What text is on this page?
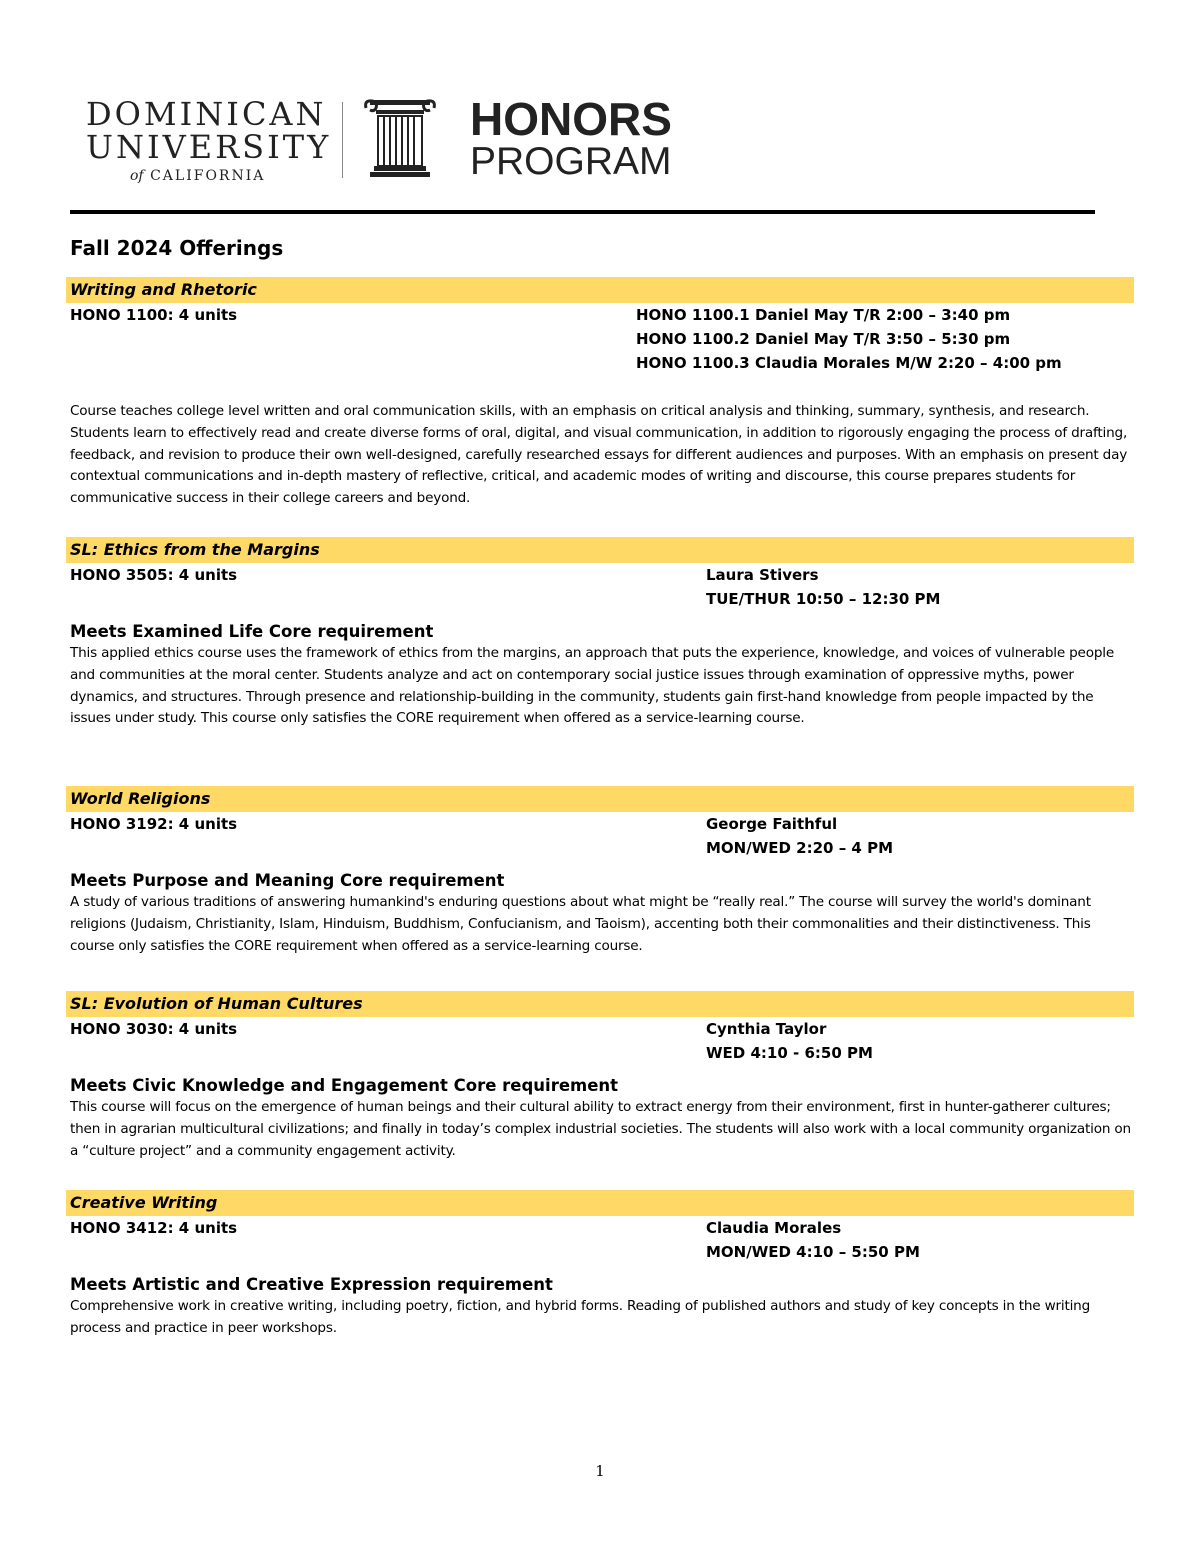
DOMINICAN
UNIVERSITY
of CALIFORNIA
HONORS
PROGRAM
Fall 2024 Offerings
Writing and Rhetoric
HONO 1100: 4 units	HONO 1100.1 Daniel May T/R 2:00 – 3:40 pm
HONO 1100.2 Daniel May T/R 3:50 – 5:30 pm
HONO 1100.3 Claudia Morales M/W 2:20 – 4:00 pm
Course teaches college level written and oral communication skills, with an emphasis on critical analysis and thinking, summary, synthesis, and research. Students learn to effectively read and create diverse forms of oral, digital, and visual communication, in addition to rigorously engaging the process of drafting, feedback, and revision to produce their own well-designed, carefully researched essays for different audiences and purposes. With an emphasis on present day contextual communications and in-depth mastery of reflective, critical, and academic modes of writing and discourse, this course prepares students for communicative success in their college careers and beyond.
SL: Ethics from the Margins
HONO 3505: 4 units	Laura Stivers
TUE/THUR 10:50 – 12:30 PM
Meets Examined Life Core requirement
This applied ethics course uses the framework of ethics from the margins, an approach that puts the experience, knowledge, and voices of vulnerable people and communities at the moral center. Students analyze and act on contemporary social justice issues through examination of oppressive myths, power dynamics, and structures. Through presence and relationship-building in the community, students gain first-hand knowledge from people impacted by the issues under study. This course only satisfies the CORE requirement when offered as a service-learning course.
World Religions
HONO 3192: 4 units	George Faithful
MON/WED 2:20 – 4 PM
Meets Purpose and Meaning Core requirement
A study of various traditions of answering humankind's enduring questions about what might be “really real.” The course will survey the world's dominant religions (Judaism, Christianity, Islam, Hinduism, Buddhism, Confucianism, and Taoism), accenting both their commonalities and their distinctiveness. This course only satisfies the CORE requirement when offered as a service-learning course.
SL: Evolution of Human Cultures
HONO 3030: 4 units	Cynthia Taylor
WED 4:10 - 6:50 PM
Meets Civic Knowledge and Engagement Core requirement
This course will focus on the emergence of human beings and their cultural ability to extract energy from their environment, first in hunter-gatherer cultures; then in agrarian multicultural civilizations; and finally in today’s complex industrial societies. The students will also work with a local community organization on a “culture project” and a community engagement activity.
Creative Writing
HONO 3412: 4 units	Claudia Morales
MON/WED 4:10 – 5:50 PM
Meets Artistic and Creative Expression requirement
Comprehensive work in creative writing, including poetry, fiction, and hybrid forms. Reading of published authors and study of key concepts in the writing process and practice in peer workshops.
1
